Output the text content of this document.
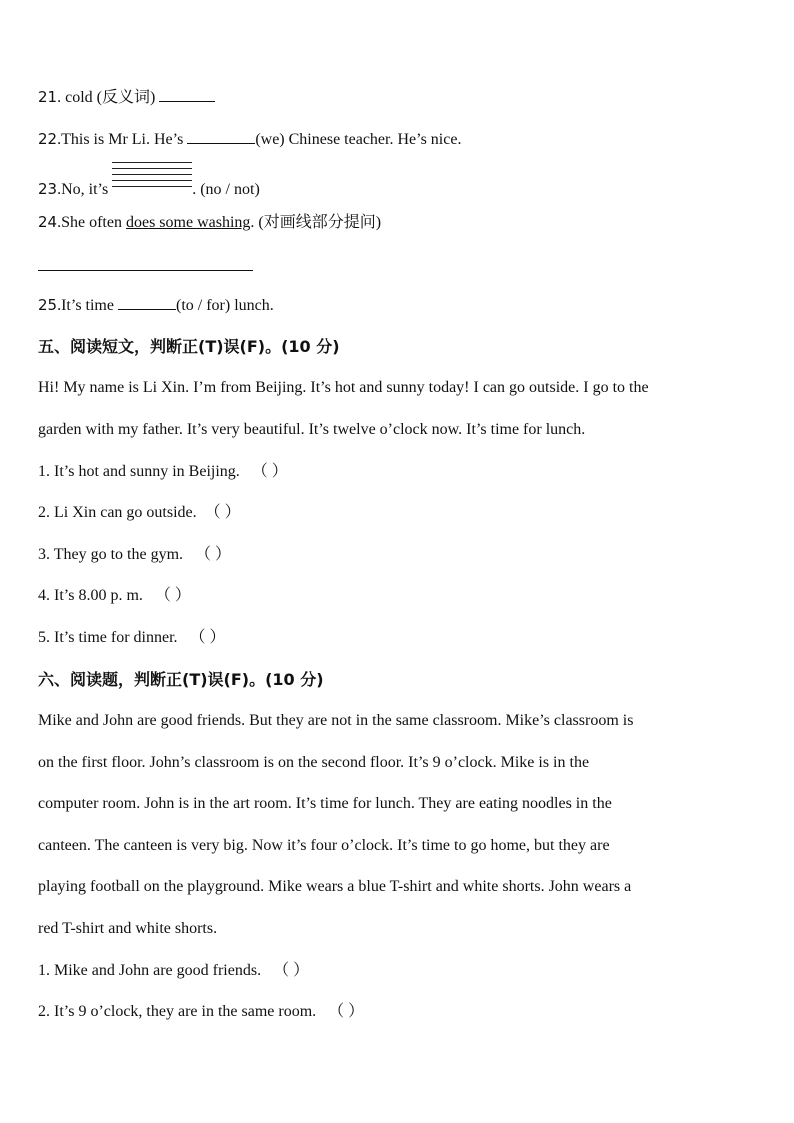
21. cold (反义词)
22.This is Mr Li. He’s	(we) Chinese teacher. He’s nice.
23.No, it’s	. (no / not)
24.She often does some washing. (对画线部分提问)
25.It’s time	(to / for) lunch.
五、阅读短文，判断正(T)误(F)。(10 分)
Hi! My name is Li Xin. I’m from Beijing. It’s hot and sunny today! I can go outside. I go to the
garden with my father. It’s very beautiful. It’s twelve o’clock now. It’s time for lunch.
1. It’s hot and sunny in Beijing. （ ）
2. Li Xin can go outside. （ ）
3. They go to the gym. （ ）
4. It’s 8.00 p. m. （ ）
5. It’s time for dinner. （ ）
六、阅读题，判断正(T)误(F)。(10 分)
Mike and John are good friends. But they are not in the same classroom. Mike’s classroom is
on the first floor. John’s classroom is on the second floor. It’s 9 o’clock. Mike is in the
computer room. John is in the art room. It’s time for lunch. They are eating noodles in the
canteen. The canteen is very big. Now it’s four o’clock. It’s time to go home, but they are
playing football on the playground. Mike wears a blue T-shirt and white shorts. John wears a
red T-shirt and white shorts.
1. Mike and John are good friends. （ ）
2. It’s 9 o’clock, they are in the same room. （ ）
